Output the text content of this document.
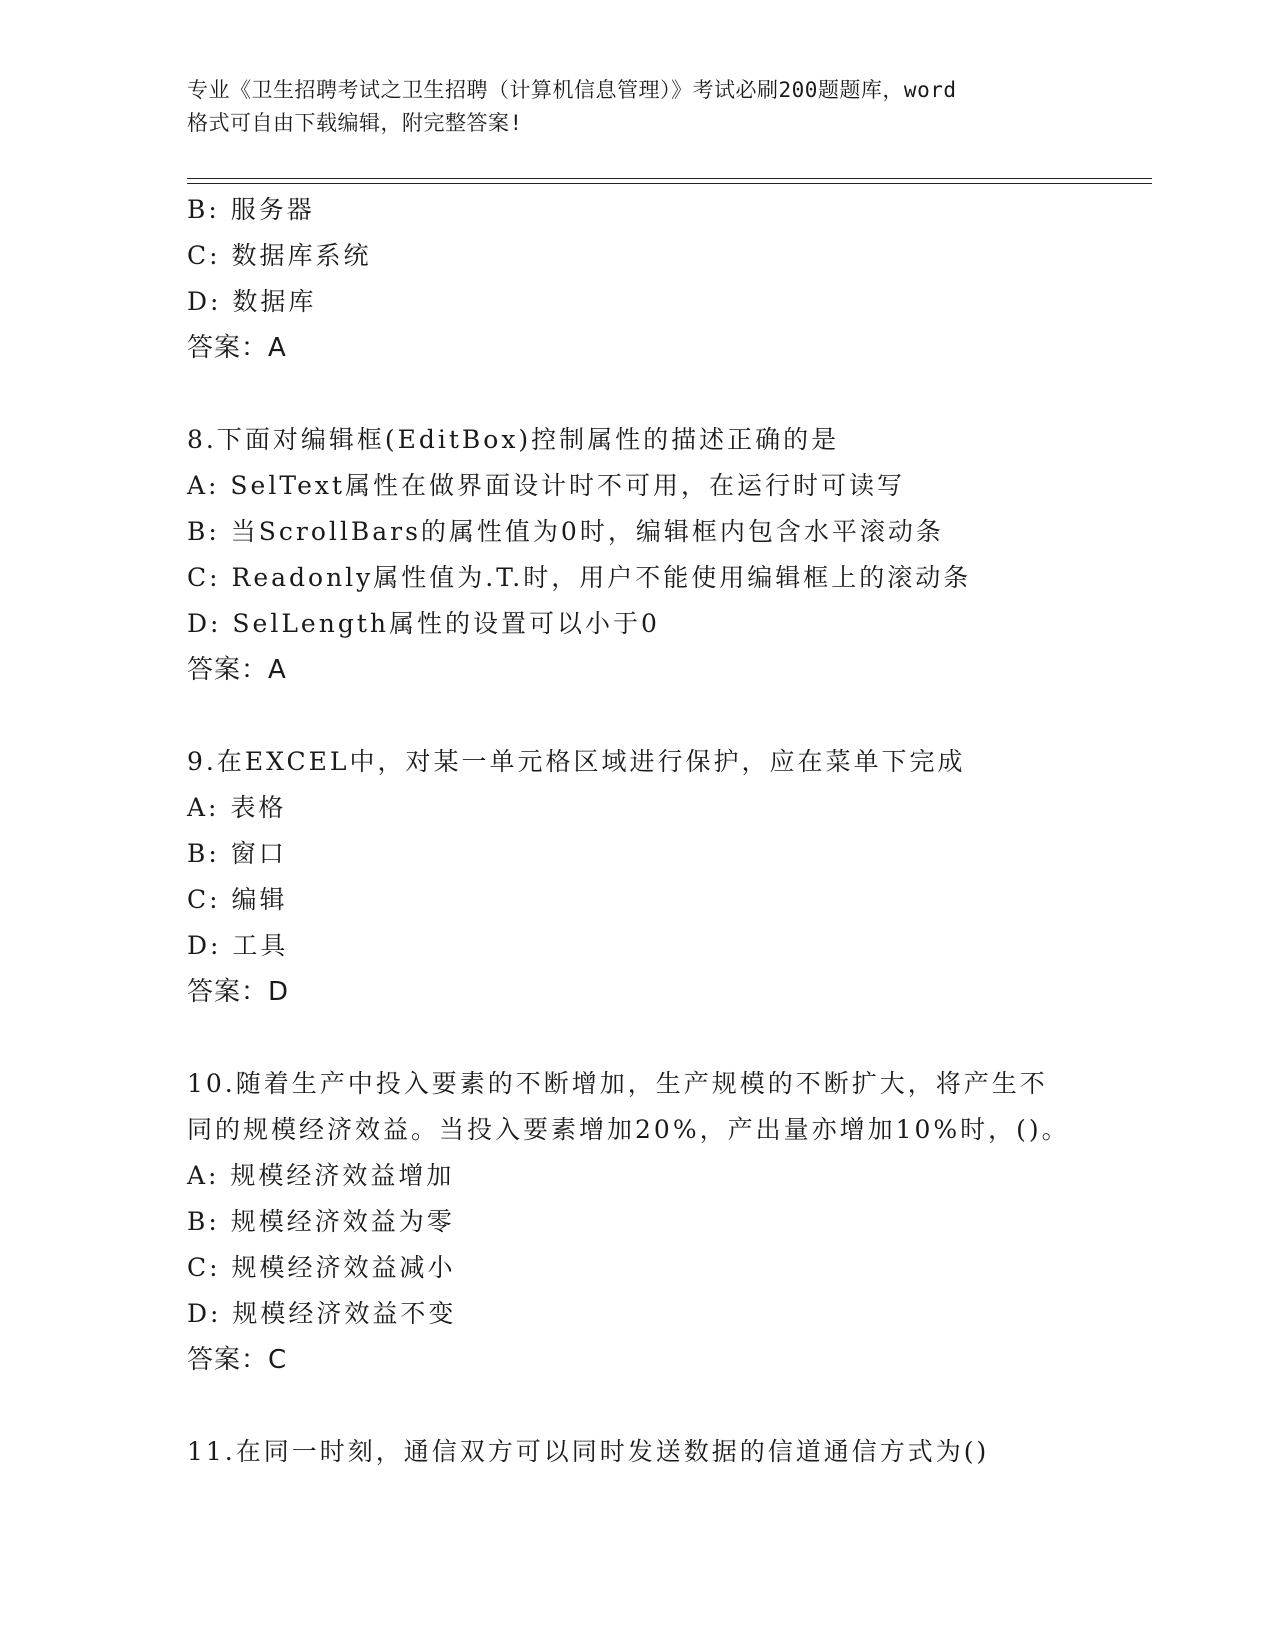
专业《卫生招聘考试之卫生招聘（计算机信息管理）》考试必刷200题题库，word
格式可自由下载编辑，附完整答案!
B: 服务器
C: 数据库系统
D: 数据库
答案：A
8.下面对编辑框(EditBox)控制属性的描述正确的是
A: SelText属性在做界面设计时不可用，在运行时可读写
B: 当ScrollBars的属性值为0时，编辑框内包含水平滚动条
C: Readonly属性值为.T.时，用户不能使用编辑框上的滚动条
D: SelLength属性的设置可以小于0
答案：A
9.在EXCEL中，对某一单元格区域进行保护，应在菜单下完成
A: 表格
B: 窗口
C: 编辑
D: 工具
答案：D
10.随着生产中投入要素的不断增加，生产规模的不断扩大，将产生不
同的规模经济效益。当投入要素增加20%，产出量亦增加10%时，()。
A: 规模经济效益增加
B: 规模经济效益为零
C: 规模经济效益减小
D: 规模经济效益不变
答案：C
11.在同一时刻，通信双方可以同时发送数据的信道通信方式为()
